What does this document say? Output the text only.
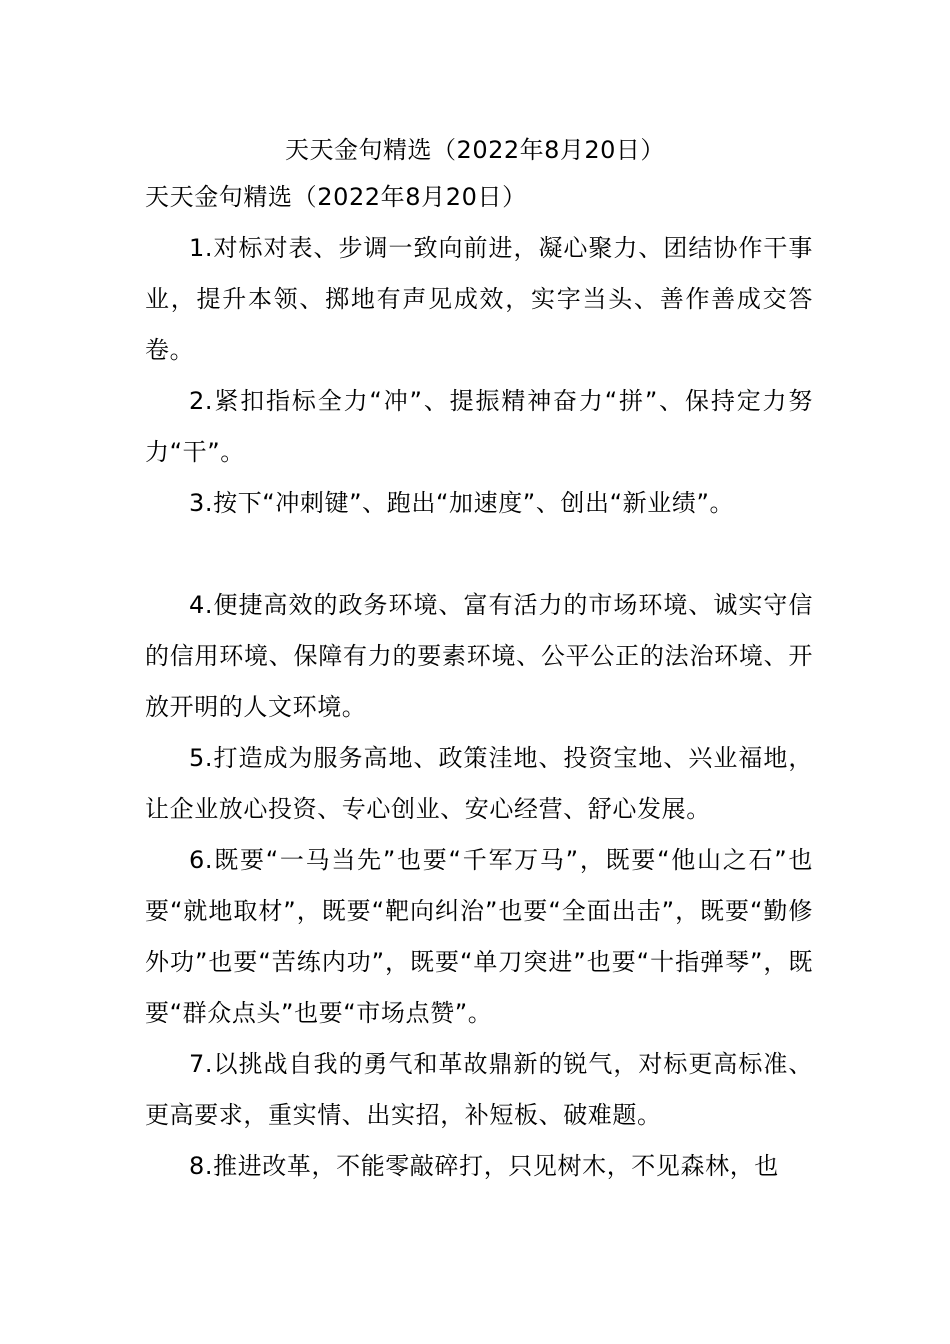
天天金句精选（2022年8月20日）

天天金句精选（2022年8月20日）

1.对标对表、步调一致向前进，凝心聚力、团结协作干事业，提升本领、掷地有声见成效，实字当头、善作善成交答卷。

2.紧扣指标全力“冲”、提振精神奋力“拼”、保持定力努力“干”。

3.按下“冲刺键”、跑出“加速度”、创出“新业绩”。

4.便捷高效的政务环境、富有活力的市场环境、诚实守信的信用环境、保障有力的要素环境、公平公正的法治环境、开放开明的人文环境。

5.打造成为服务高地、政策洼地、投资宝地、兴业福地，让企业放心投资、专心创业、安心经营、舒心发展。

6.既要“一马当先”也要“千军万马”，既要“他山之石”也要“就地取材”，既要“靶向纠治”也要“全面出击”，既要“勤修外功”也要“苦练内功”，既要“单刀突进”也要“十指弹琴”，既要“群众点头”也要“市场点赞”。

7.以挑战自我的勇气和革故鼎新的锐气，对标更高标准、更高要求，重实情、出实招，补短板、破难题。

8.推进改革，不能零敲碎打，只见树木，不见森林，也
